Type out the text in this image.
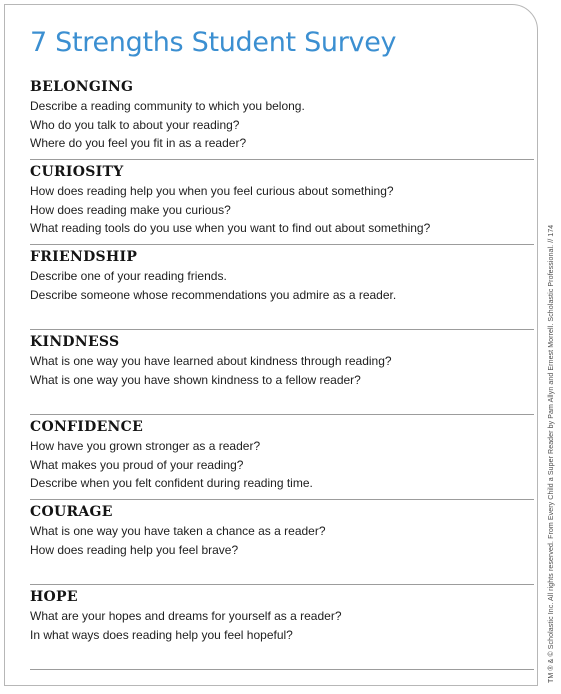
7 Strengths Student Survey
BELONGING

Describe a reading community to which you belong.

Who do you talk to about your reading?

Where do you feel you fit in as a reader?

CURIOSITY

How does reading help you when you feel curious about something?

How does reading make you curious?

What reading tools do you use when you want to find out about something?

FRIENDSHIP

Describe one of your reading friends.

Describe someone whose recommendations you admire as a reader.

KINDNESS

What is one way you have learned about kindness through reading?

What is one way you have shown kindness to a fellow reader?

CONFIDENCE

How have you grown stronger as a reader?

What makes you proud of your reading?

Describe when you felt confident during reading time.

COURAGE

What is one way you have taken a chance as a reader?

How does reading help you feel brave?

HOPE

What are your hopes and dreams for yourself as a reader?

In what ways does reading help you feel hopeful?	TM ® & © Scholastic Inc. All rights reserved. From Every Child a Super Reader by Pam Allyn and Ernest Morrell. Scholastic Professional. // 174
